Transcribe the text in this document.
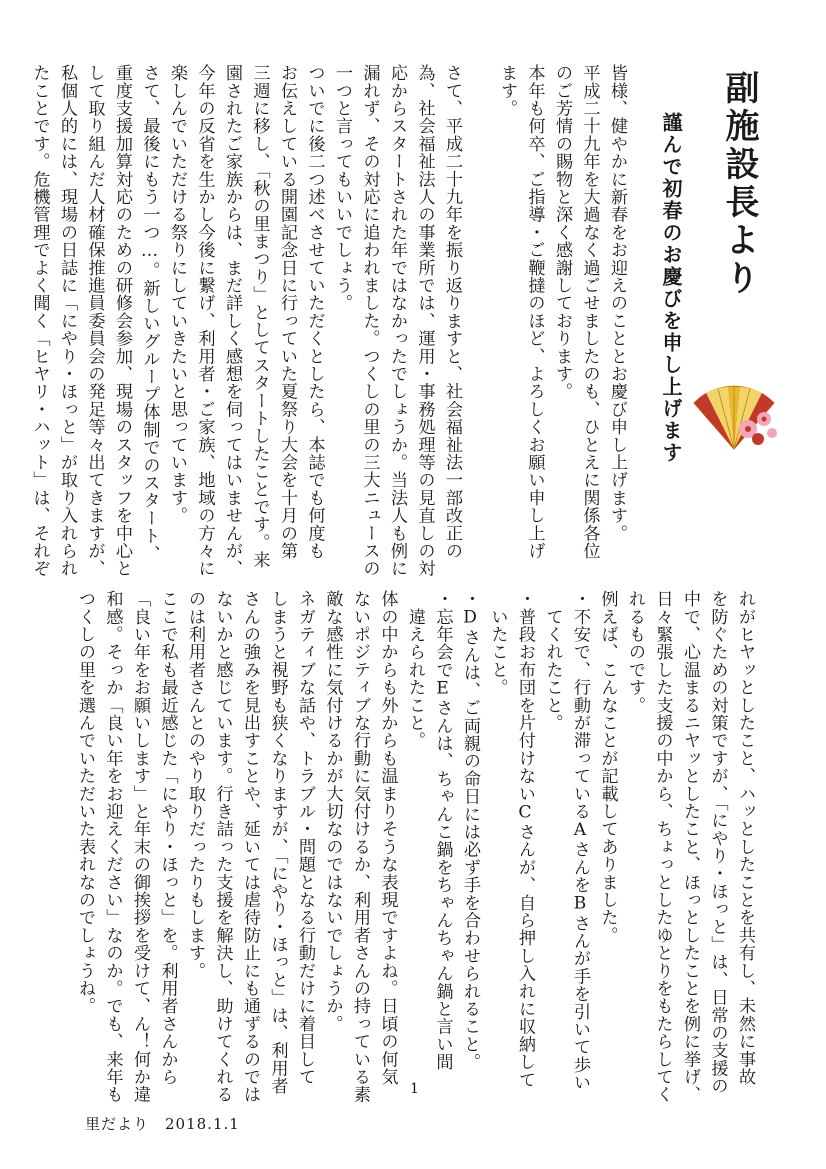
副施設長より
謹んで初春のお慶びを申し上げます
皆様、健やかに新春をお迎えのこととお慶び申し上げます。
平成二十九年を大過なく過ごせましたのも、ひとえに関係各位
のご芳情の賜物と深く感謝しております。
本年も何卒、ご指導・ご鞭撻のほど、よろしくお願い申し上げ
ます。

さて、平成二十九年を振り返りますと、社会福祉法一部改正の
為、社会福祉法人の事業所では、運用・事務処理等の見直しの対
応からスタートされた年ではなかったでしょうか。当法人も例に
漏れず、その対応に追われました。つくしの里の三大ニュースの
一つと言ってもいいでしょう。
ついでに後二つ述べさせていただくとしたら、本誌でも何度も
お伝えしている開園記念日に行っていた夏祭り大会を十月の第
三週に移し、「秋の里まつり」としてスタートしたことです。来
園されたご家族からは、まだ詳しく感想を伺ってはいませんが、
今年の反省を生かし今後に繋げ、利用者・ご家族、地域の方々に
楽しんでいただける祭りにしていきたいと思っています。
さて、最後にもう一つ…。新しいグループ体制でのスタート、
重度支援加算対応のための研修会参加、現場のスタッフを中心と
して取り組んだ人材確保推進員委員会の発足等々出てきますが、
私個人的には、現場の日誌に「にやり・ほっと」が取り入れられ
たことです。危機管理でよく聞く「ヒヤリ・ハット」は、それぞ
れがヒヤッとしたこと、ハッとしたことを共有し、未然に事故
を防ぐための対策ですが、「にやり・ほっと」は、日常の支援の
中で、心温まるニヤッとしたこと、ほっとしたことを例に挙げ、
日々緊張した支援の中から、ちょっとしたゆとりをもたらしてく
れるものです。
例えば、こんなことが記載してありました。
・不安で、行動が滞っているAさんをBさんが手を引いて歩い
　てくれたこと。
・普段お布団を片付けないCさんが、自ら押し入れに収納して
　いたこと。
・Dさんは、ご両親の命日には必ず手を合わせられること。
・忘年会でEさんは、ちゃんこ鍋をちゃんちゃん鍋と言い間
　違えられたこと。
体の中からも外からも温まりそうな表現ですよね。日頃の何気
ないポジティブな行動に気付けるか、利用者さんの持っている素
敵な感性に気付けるかが大切なのではないでしょうか。
ネガティブな話や、トラブル・問題となる行動だけに着目して
しまうと視野も狭くなりますが、「にやり・ほっと」は、利用者
さんの強みを見出すことや、延いては虐待防止にも通ずるのでは
ないかと感じています。行き詰った支援を解決し、助けてくれる
のは利用者さんとのやり取りだったりもします。
ここで私も最近感じた「にやり・ほっと」を。利用者さんから
「良い年をお願いします」と年末の御挨拶を受けて、ん！何か違
和感。そっか「良い年をお迎えください」なのか。でも、来年も
つくしの里を選んでいただいた表れなのでしょうね。
1
里だより　2018.1.1
